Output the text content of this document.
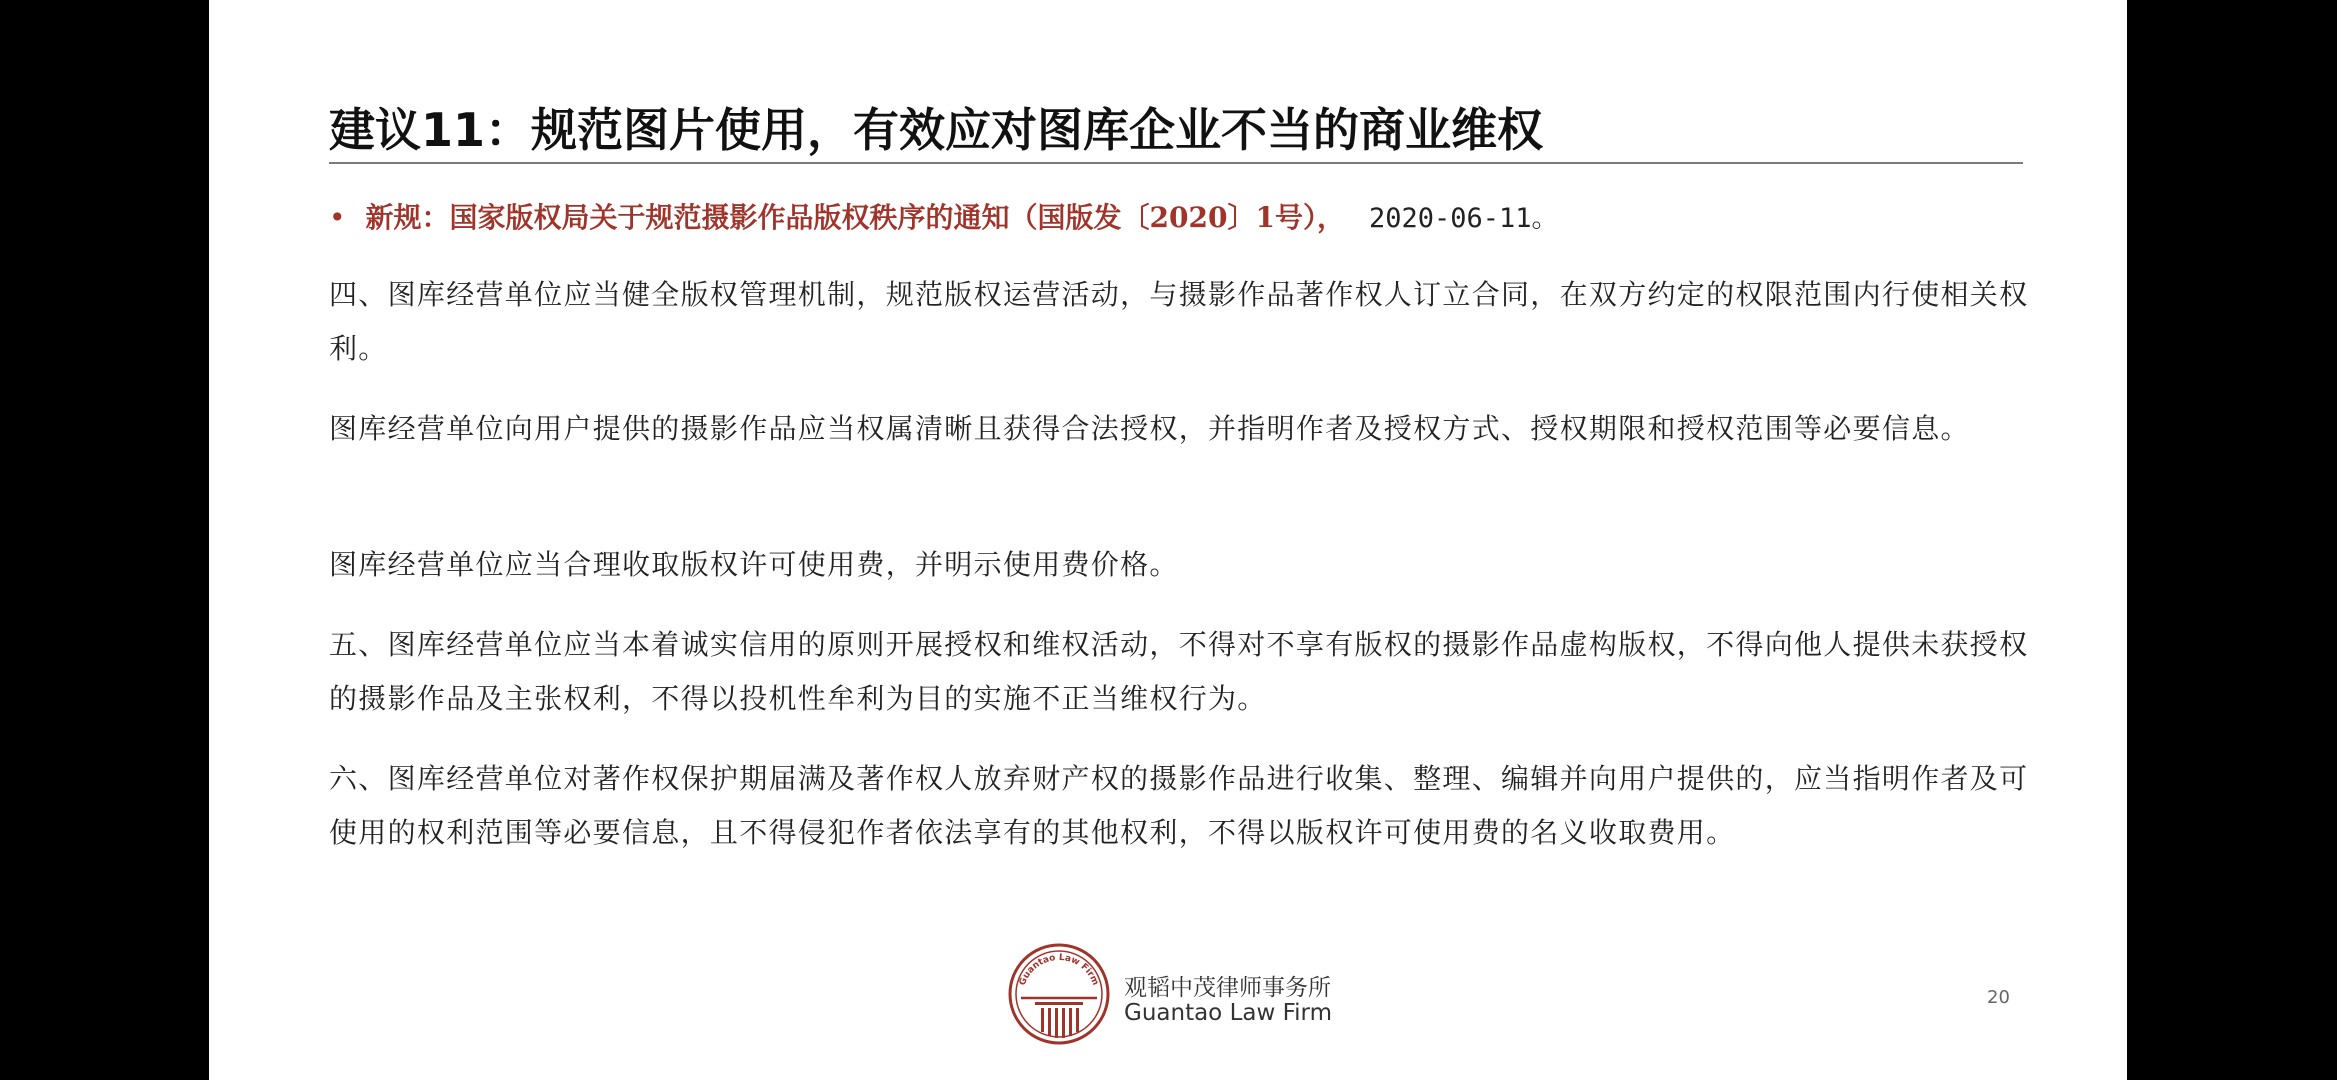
建议11：规范图片使用，有效应对图库企业不当的商业维权
• 新规：国家版权局关于规范摄影作品版权秩序的通知（国版发〔2020〕1号）， 2020-06-11。
四、图库经营单位应当健全版权管理机制，规范版权运营活动，与摄影作品著作权人订立合同，在双方约定的权限范围内行使相关权利。
图库经营单位向用户提供的摄影作品应当权属清晰且获得合法授权，并指明作者及授权方式、授权期限和授权范围等必要信息。
图库经营单位应当合理收取版权许可使用费，并明示使用费价格。
五、图库经营单位应当本着诚实信用的原则开展授权和维权活动，不得对不享有版权的摄影作品虚构版权，不得向他人提供未获授权的摄影作品及主张权利，不得以投机性牟利为目的实施不正当维权行为。
六、图库经营单位对著作权保护期届满及著作权人放弃财产权的摄影作品进行收集、整理、编辑并向用户提供的，应当指明作者及可使用的权利范围等必要信息，且不得侵犯作者依法享有的其他权利，不得以版权许可使用费的名义收取费用。
Guantao Law Firm 观韬中茂律师事务所
Guantao Law Firm
20
